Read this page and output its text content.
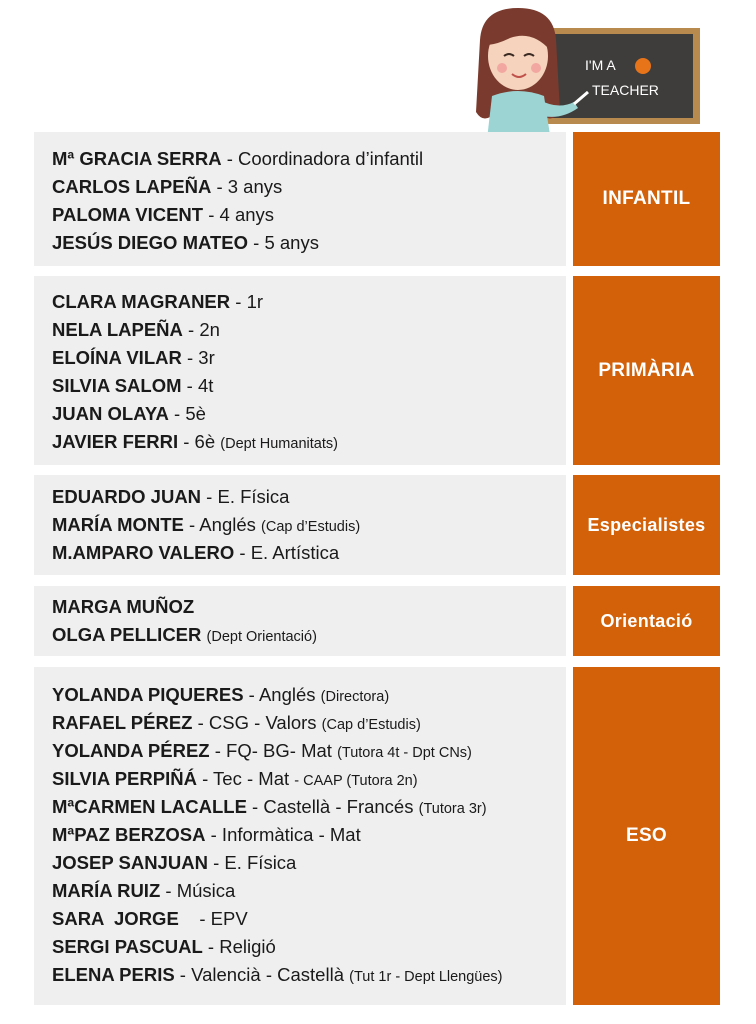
I'M A
TEACHER
INFANTIL
Mª GRACIA SERRA - Coordinadora d’infantil
CARLOS LAPEÑA - 3 anys
PALOMA VICENT - 4 anys
JESÚS DIEGO MATEO - 5 anys
PRIMÀRIA
CLARA MAGRANER - 1r
NELA LAPEÑA - 2n
ELOÍNA VILAR - 3r
SILVIA SALOM - 4t
JUAN OLAYA - 5è
JAVIER FERRI - 6è (Dept Humanitats)
Especialistes
EDUARDO JUAN - E. Física
MARÍA MONTE - Anglés (Cap d’Estudis)
M.AMPARO VALERO - E. Artística
Orientació
MARGA MUÑOZ
OLGA PELLICER (Dept Orientació)
ESO
YOLANDA PIQUERES - Anglés (Directora)
RAFAEL PÉREZ - CSG - Valors (Cap d’Estudis)
YOLANDA PÉREZ - FQ- BG- Mat (Tutora 4t - Dpt CNs)
SILVIA PERPIÑÁ - Tec - Mat - CAAP (Tutora 2n)
MªCARMEN LACALLE - Castellà - Francés (Tutora 3r)
MªPAZ BERZOSA - Informàtica - Mat
JOSEP SANJUAN - E. Física
MARÍA RUIZ - Música
SARA  JORGE    - EPV
SERGI PASCUAL - Religió
ELENA PERIS - Valencià - Castellà (Tut 1r - Dept Llengües)
